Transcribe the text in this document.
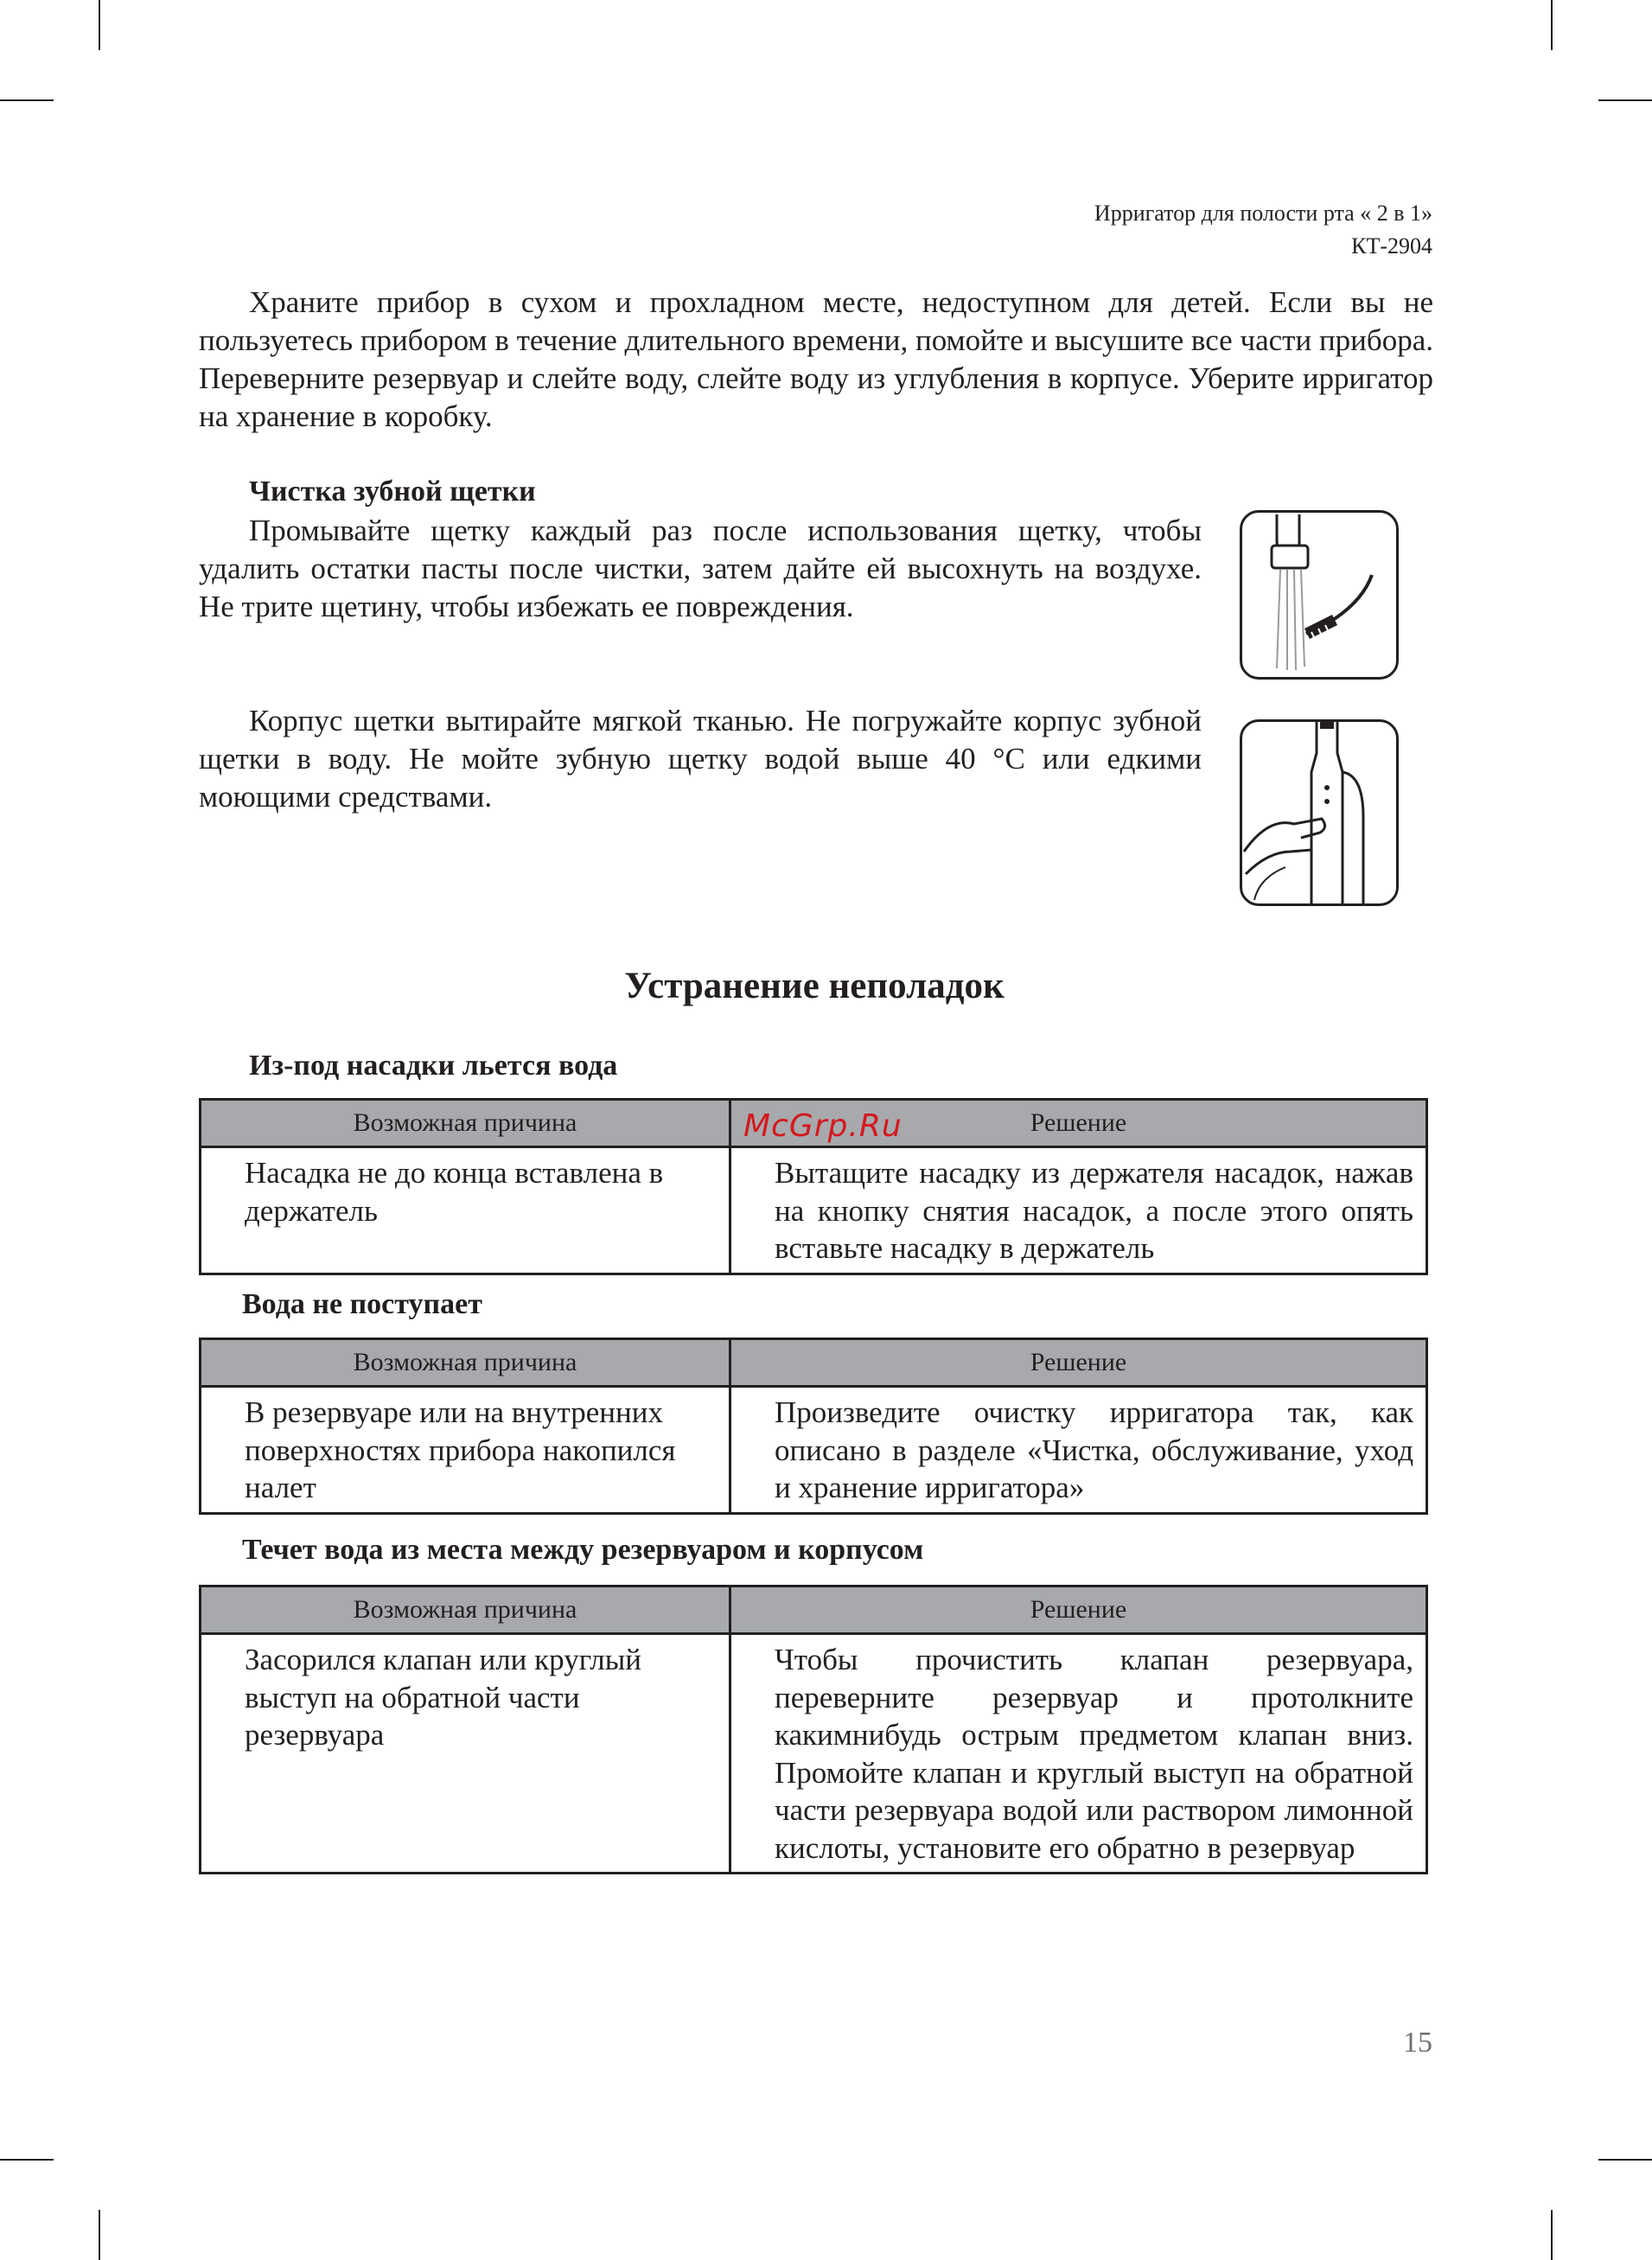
Ирригатор для полости рта « 2 в 1»
КТ-2904

Храните прибор в сухом и прохладном месте, недоступном для детей. Если вы не пользуетесь прибором в течение длительного времени, помойте и высушите все части прибора. Переверните резервуар и слейте воду, слейте воду из углубления в корпусе. Уберите ирригатор на хранение в коробку.

Чистка зубной щетки

Промывайте щетку каждый раз после использования щетку, чтобы удалить остатки пасты после чистки, затем дайте ей высохнуть на воздухе. Не трите щетину, чтобы избежать ее повреждения.

Корпус щетки вытирайте мягкой тканью. Не погружайте корпус зубной щетки в воду. Не мойте зубную щетку водой выше 40 °С или едкими моющими средствами.

Устранение неполадок
Из-под насадки льется вода
Возможная причина	Решение
Насадка не до конца вставлена в держатель	Вытащите насадку из держателя насадок, нажав на кнопку снятия насадок, а после этого опять вставьте насадку в держатель
Вода не поступает
Возможная причина	Решение
В резервуаре или на внутренних поверхностях прибора накопился налет	Произведите очистку ирригатора так, как описано в разделе «Чистка, обслуживание, уход и хранение ирригатора»
Течет вода из места между резервуаром и корпусом
Возможная причина	Решение
Засорился клапан или круглый выступ на обратной части резервуара	Чтобы прочистить клапан резервуара, переверните резервуар и протолкните какимнибудь острым предметом клапан вниз. Промойте клапан и круглый выступ на обратной части резервуара водой или раствором лимонной кислоты, установите его обратно в резервуар
McGrp.Ru
15
